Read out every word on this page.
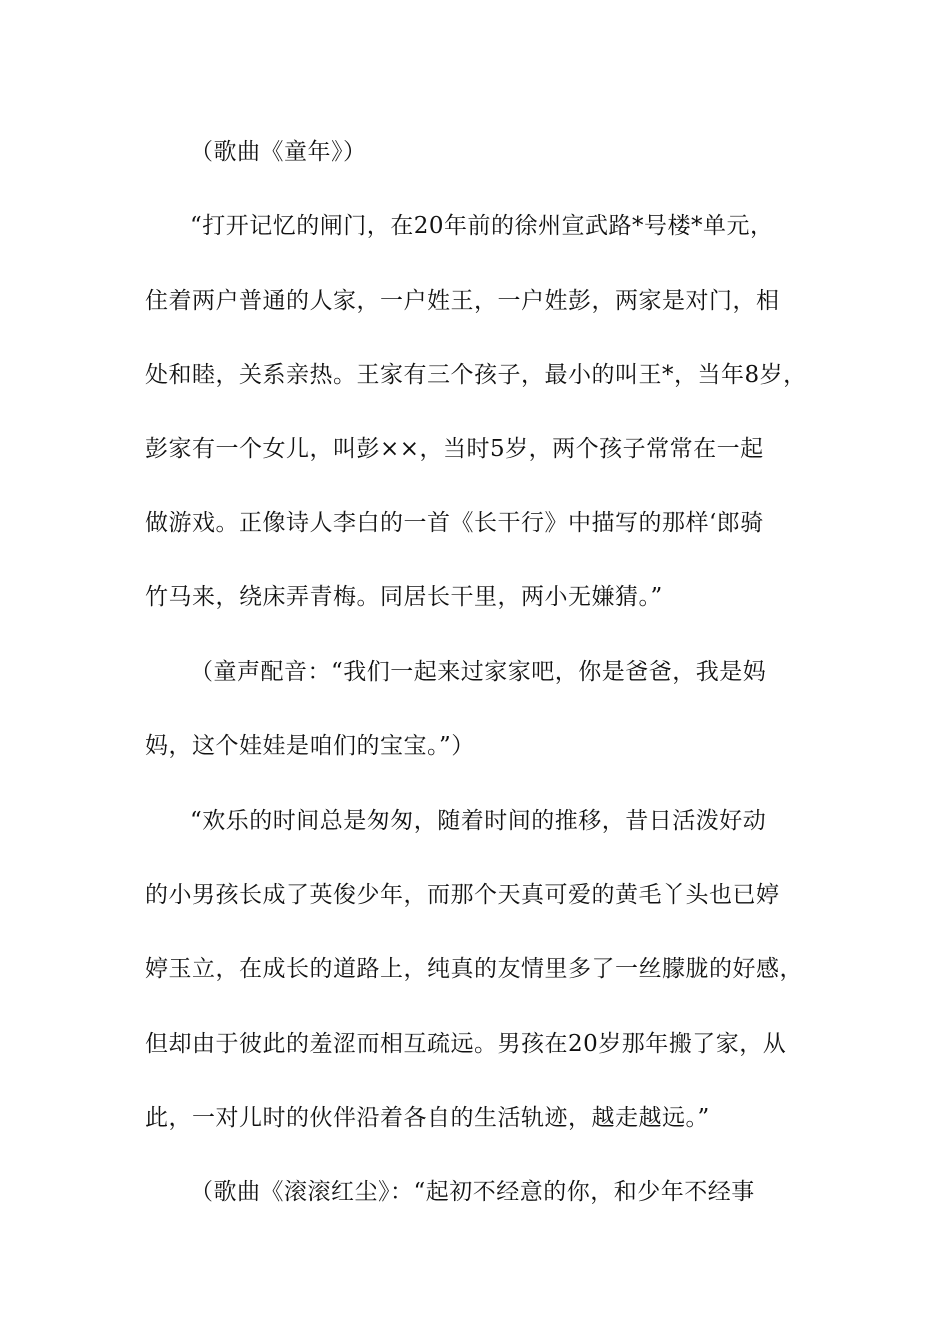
（歌曲《童年》）
“打开记忆的闸门，在20年前的徐州宣武路*号楼*单元，
住着两户普通的人家，一户姓王，一户姓彭，两家是对门，相
处和睦，关系亲热。王家有三个孩子，最小的叫王*，当年8岁，
彭家有一个女儿，叫彭××，当时5岁，两个孩子常常在一起
做游戏。正像诗人李白的一首《长干行》中描写的那样‘郎骑
竹马来，绕床弄青梅。同居长干里，两小无嫌猜。”
（童声配音：“我们一起来过家家吧，你是爸爸，我是妈
妈，这个娃娃是咱们的宝宝。”）
“欢乐的时间总是匆匆，随着时间的推移，昔日活泼好动
的小男孩长成了英俊少年，而那个天真可爱的黄毛丫头也已婷
婷玉立，在成长的道路上，纯真的友情里多了一丝朦胧的好感，
但却由于彼此的羞涩而相互疏远。男孩在20岁那年搬了家，从
此，一对儿时的伙伴沿着各自的生活轨迹，越走越远。”
（歌曲《滚滚红尘》：“起初不经意的你，和少年不经事
